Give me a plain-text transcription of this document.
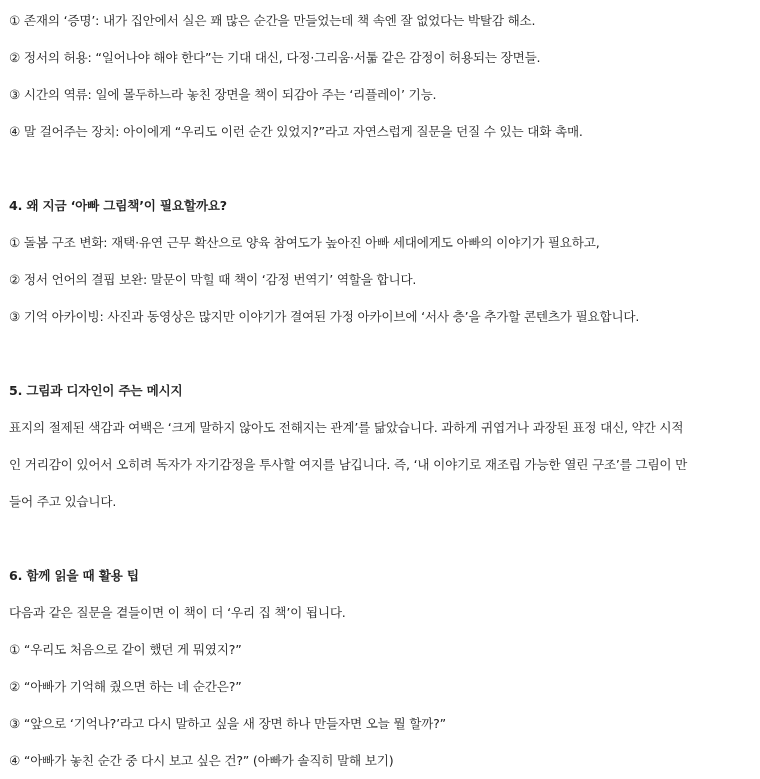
① 존재의 ‘증명’: 내가 집안에서 실은 꽤 많은 순간을 만들었는데 책 속엔 잘 없었다는 박탈감 해소.
② 정서의 허용: “일어나야 해야 한다”는 기대 대신, 다정·그리움·서툶 같은 감정이 허용되는 장면들.
③ 시간의 역류: 일에 몰두하느라 놓친 장면을 책이 되감아 주는 ‘리플레이’ 기능.
④ 말 걸어주는 장치: 아이에게 “우리도 이런 순간 있었지?”라고 자연스럽게 질문을 던질 수 있는 대화 촉매.
4. 왜 지금 ‘아빠 그림책’이 필요할까요?
① 돌봄 구조 변화: 재택·유연 근무 확산으로 양육 참여도가 높아진 아빠 세대에게도 아빠의 이야기가 필요하고,
② 정서 언어의 결핍 보완: 말문이 막힐 때 책이 ‘감정 번역기’ 역할을 합니다.
③ 기억 아카이빙: 사진과 동영상은 많지만 이야기가 결여된 가정 아카이브에 ‘서사 층’을 추가할 콘텐츠가 필요합니다.
5. 그림과 디자인이 주는 메시지
표지의 절제된 색감과 여백은 ‘크게 말하지 않아도 전해지는 관계’를 닮았습니다. 과하게 귀엽거나 과장된 표정 대신, 약간 시적
인 거리감이 있어서 오히려 독자가 자기감정을 투사할 여지를 남깁니다. 즉, ‘내 이야기로 재조립 가능한 열린 구조’를 그림이 만
들어 주고 있습니다.
6. 함께 읽을 때 활용 팁
다음과 같은 질문을 곁들이면 이 책이 더 ‘우리 집 책’이 됩니다.
① “우리도 처음으로 같이 했던 게 뭐였지?”
② “아빠가 기억해 줬으면 하는 네 순간은?”
③ “앞으로 ‘기억나?’라고 다시 말하고 싶을 새 장면 하나 만들자면 오늘 뭘 할까?”
④ “아빠가 놓친 순간 중 다시 보고 싶은 건?” (아빠가 솔직히 말해 보기)
